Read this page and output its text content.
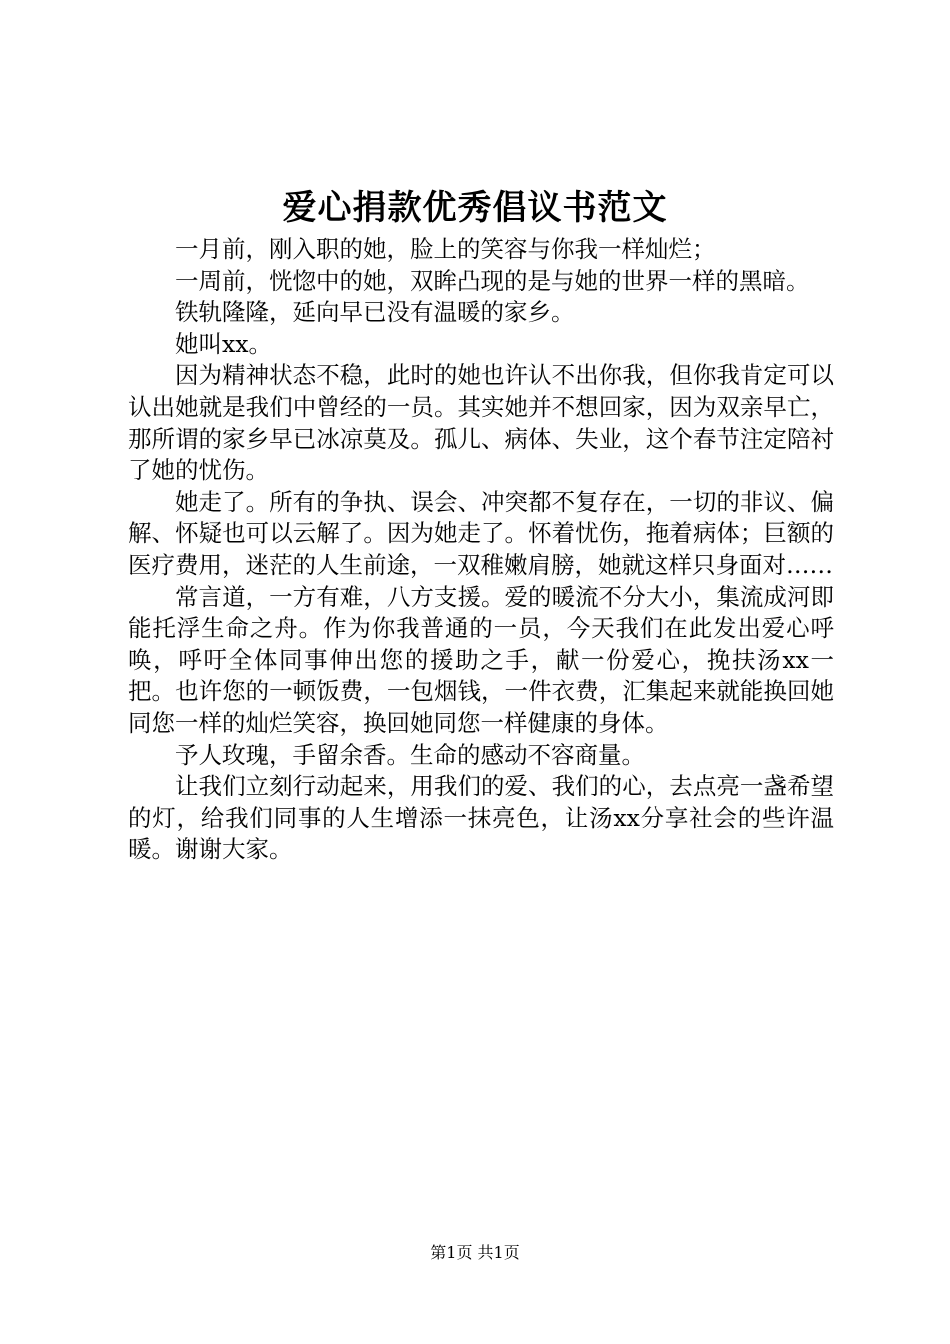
爱心捐款优秀倡议书范文

一月前，刚入职的她，脸上的笑容与你我一样灿烂；

一周前，恍惚中的她，双眸凸现的是与她的世界一样的黑暗。

铁轨隆隆，延向早已没有温暖的家乡。

她叫xx。

因为精神状态不稳，此时的她也许认不出你我，但你我肯定可以认出她就是我们中曾经的一员。其实她并不想回家，因为双亲早亡，那所谓的家乡早已冰凉莫及。孤儿、病体、失业，这个春节注定陪衬了她的忧伤。

她走了。所有的争执、误会、冲突都不复存在，一切的非议、偏解、怀疑也可以云解了。因为她走了。怀着忧伤，拖着病体；巨额的医疗费用，迷茫的人生前途，一双稚嫩肩膀，她就这样只身面对……

常言道，一方有难，八方支援。爱的暖流不分大小，集流成河即能托浮生命之舟。作为你我普通的一员，今天我们在此发出爱心呼唤，呼吁全体同事伸出您的援助之手，献一份爱心，挽扶汤xx一把。也许您的一顿饭费，一包烟钱，一件衣费，汇集起来就能换回她同您一样的灿烂笑容，换回她同您一样健康的身体。

予人玫瑰，手留余香。生命的感动不容商量。

让我们立刻行动起来，用我们的爱、我们的心，去点亮一盏希望的灯，给我们同事的人生增添一抹亮色，让汤xx分享社会的些许温暖。谢谢大家。

第1页 共1页
